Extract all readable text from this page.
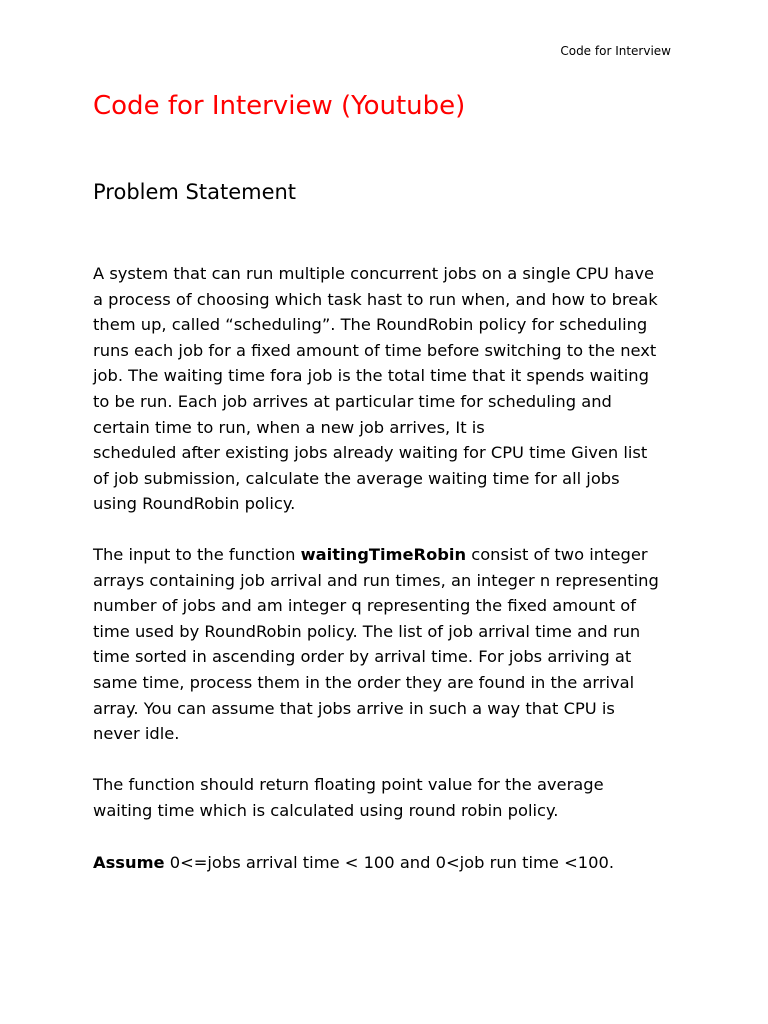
Code for Interview
Code for Interview (Youtube)
Problem Statement

A system that can run multiple concurrent jobs on a single CPU have
a process of choosing which task hast to run when, and how to break
them up, called “scheduling”. The RoundRobin policy for scheduling
runs each job for a fixed amount of time before switching to the next
job. The waiting time fora job is the total time that it spends waiting
to be run. Each job arrives at particular time for scheduling and
certain time to run, when a new job arrives, It is
scheduled after existing jobs already waiting for CPU time Given list
of job submission, calculate the average waiting time for all jobs
using RoundRobin policy.

The input to the function waitingTimeRobin consist of two integer
arrays containing job arrival and run times, an integer n representing
number of jobs and am integer q representing the fixed amount of
time used by RoundRobin policy. The list of job arrival time and run
time sorted in ascending order by arrival time. For jobs arriving at
same time, process them in the order they are found in the arrival
array. You can assume that jobs arrive in such a way that CPU is
never idle.

The function should return floating point value for the average
waiting time which is calculated using round robin policy.

Assume 0<=jobs arrival time < 100 and 0<job run time <100.
